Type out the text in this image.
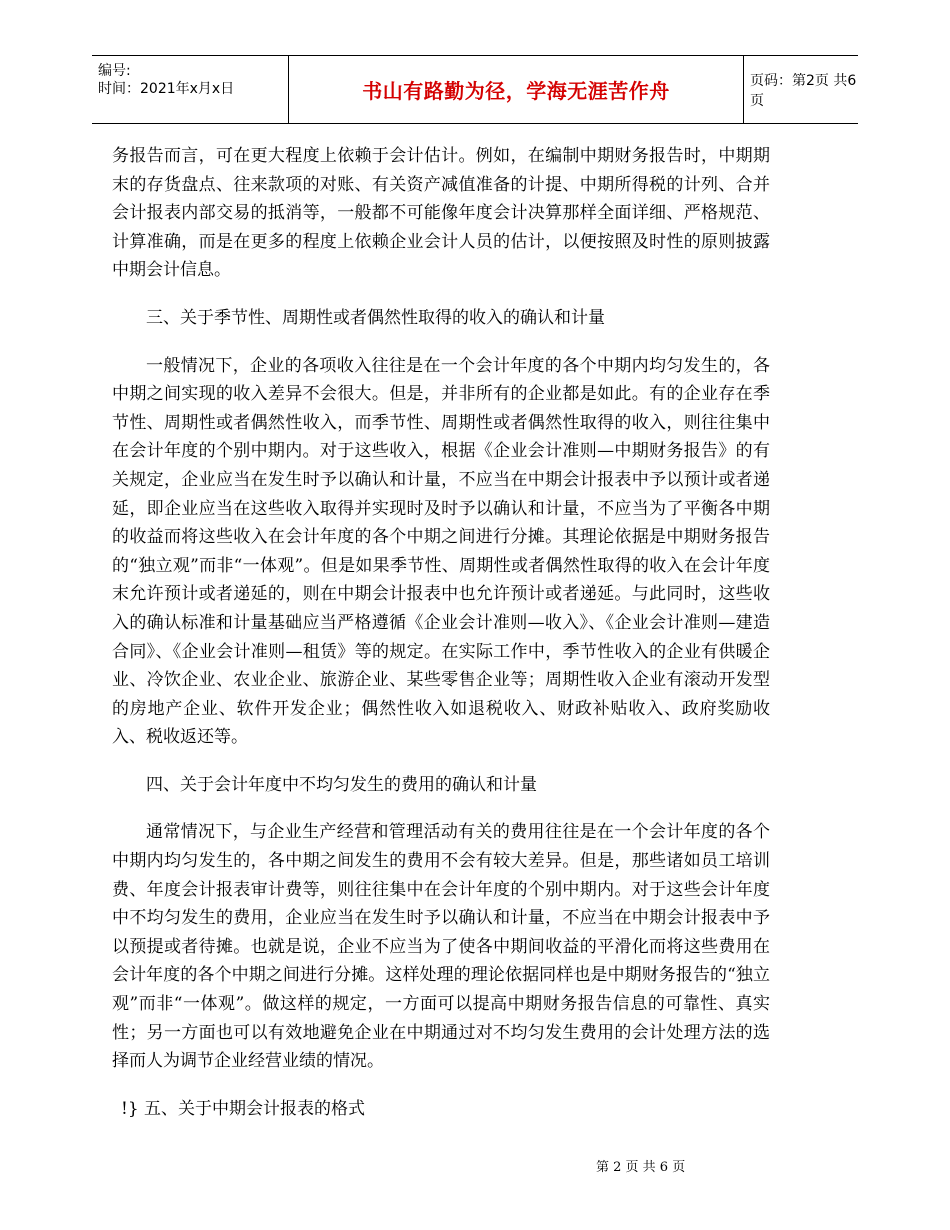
编号:
时间：2021年x月x日	书山有路勤为径，学海无涯苦作舟	页码：第2页 共6页

务报告而言，可在更大程度上依赖于会计估计。例如，在编制中期财务报告时，中期期末的存货盘点、往来款项的对账、有关资产减值准备的计提、中期所得税的计列、合并会计报表内部交易的抵消等，一般都不可能像年度会计决算那样全面详细、严格规范、计算准确，而是在更多的程度上依赖企业会计人员的估计，以便按照及时性的原则披露中期会计信息。

三、关于季节性、周期性或者偶然性取得的收入的确认和计量

一般情况下，企业的各项收入往往是在一个会计年度的各个中期内均匀发生的，各中期之间实现的收入差异不会很大。但是，并非所有的企业都是如此。有的企业存在季节性、周期性或者偶然性收入，而季节性、周期性或者偶然性取得的收入，则往往集中在会计年度的个别中期内。对于这些收入，根据《企业会计准则—中期财务报告》的有关规定，企业应当在发生时予以确认和计量，不应当在中期会计报表中予以预计或者递延，即企业应当在这些收入取得并实现时及时予以确认和计量，不应当为了平衡各中期的收益而将这些收入在会计年度的各个中期之间进行分摊。其理论依据是中期财务报告的“独立观”而非“一体观”。但是如果季节性、周期性或者偶然性取得的收入在会计年度末允许预计或者递延的，则在中期会计报表中也允许预计或者递延。与此同时，这些收入的确认标准和计量基础应当严格遵循《企业会计准则—收入》、《企业会计准则—建造合同》、《企业会计准则—租赁》等的规定。在实际工作中，季节性收入的企业有供暖企业、冷饮企业、农业企业、旅游企业、某些零售企业等；周期性收入企业有滚动开发型的房地产企业、软件开发企业；偶然性收入如退税收入、财政补贴收入、政府奖励收入、税收返还等。

四、关于会计年度中不均匀发生的费用的确认和计量

通常情况下，与企业生产经营和管理活动有关的费用往往是在一个会计年度的各个中期内均匀发生的，各中期之间发生的费用不会有较大差异。但是，那些诸如员工培训费、年度会计报表审计费等，则往往集中在会计年度的个别中期内。对于这些会计年度中不均匀发生的费用，企业应当在发生时予以确认和计量，不应当在中期会计报表中予以预提或者待摊。也就是说，企业不应当为了使各中期间收益的平滑化而将这些费用在会计年度的各个中期之间进行分摊。这样处理的理论依据同样也是中期财务报告的“独立观”而非“一体观”。做这样的规定，一方面可以提高中期财务报告信息的可靠性、真实性；另一方面也可以有效地避免企业在中期通过对不均匀发生费用的会计处理方法的选择而人为调节企业经营业绩的情况。

!} 五、关于中期会计报表的格式

第 2 页 共 6 页
